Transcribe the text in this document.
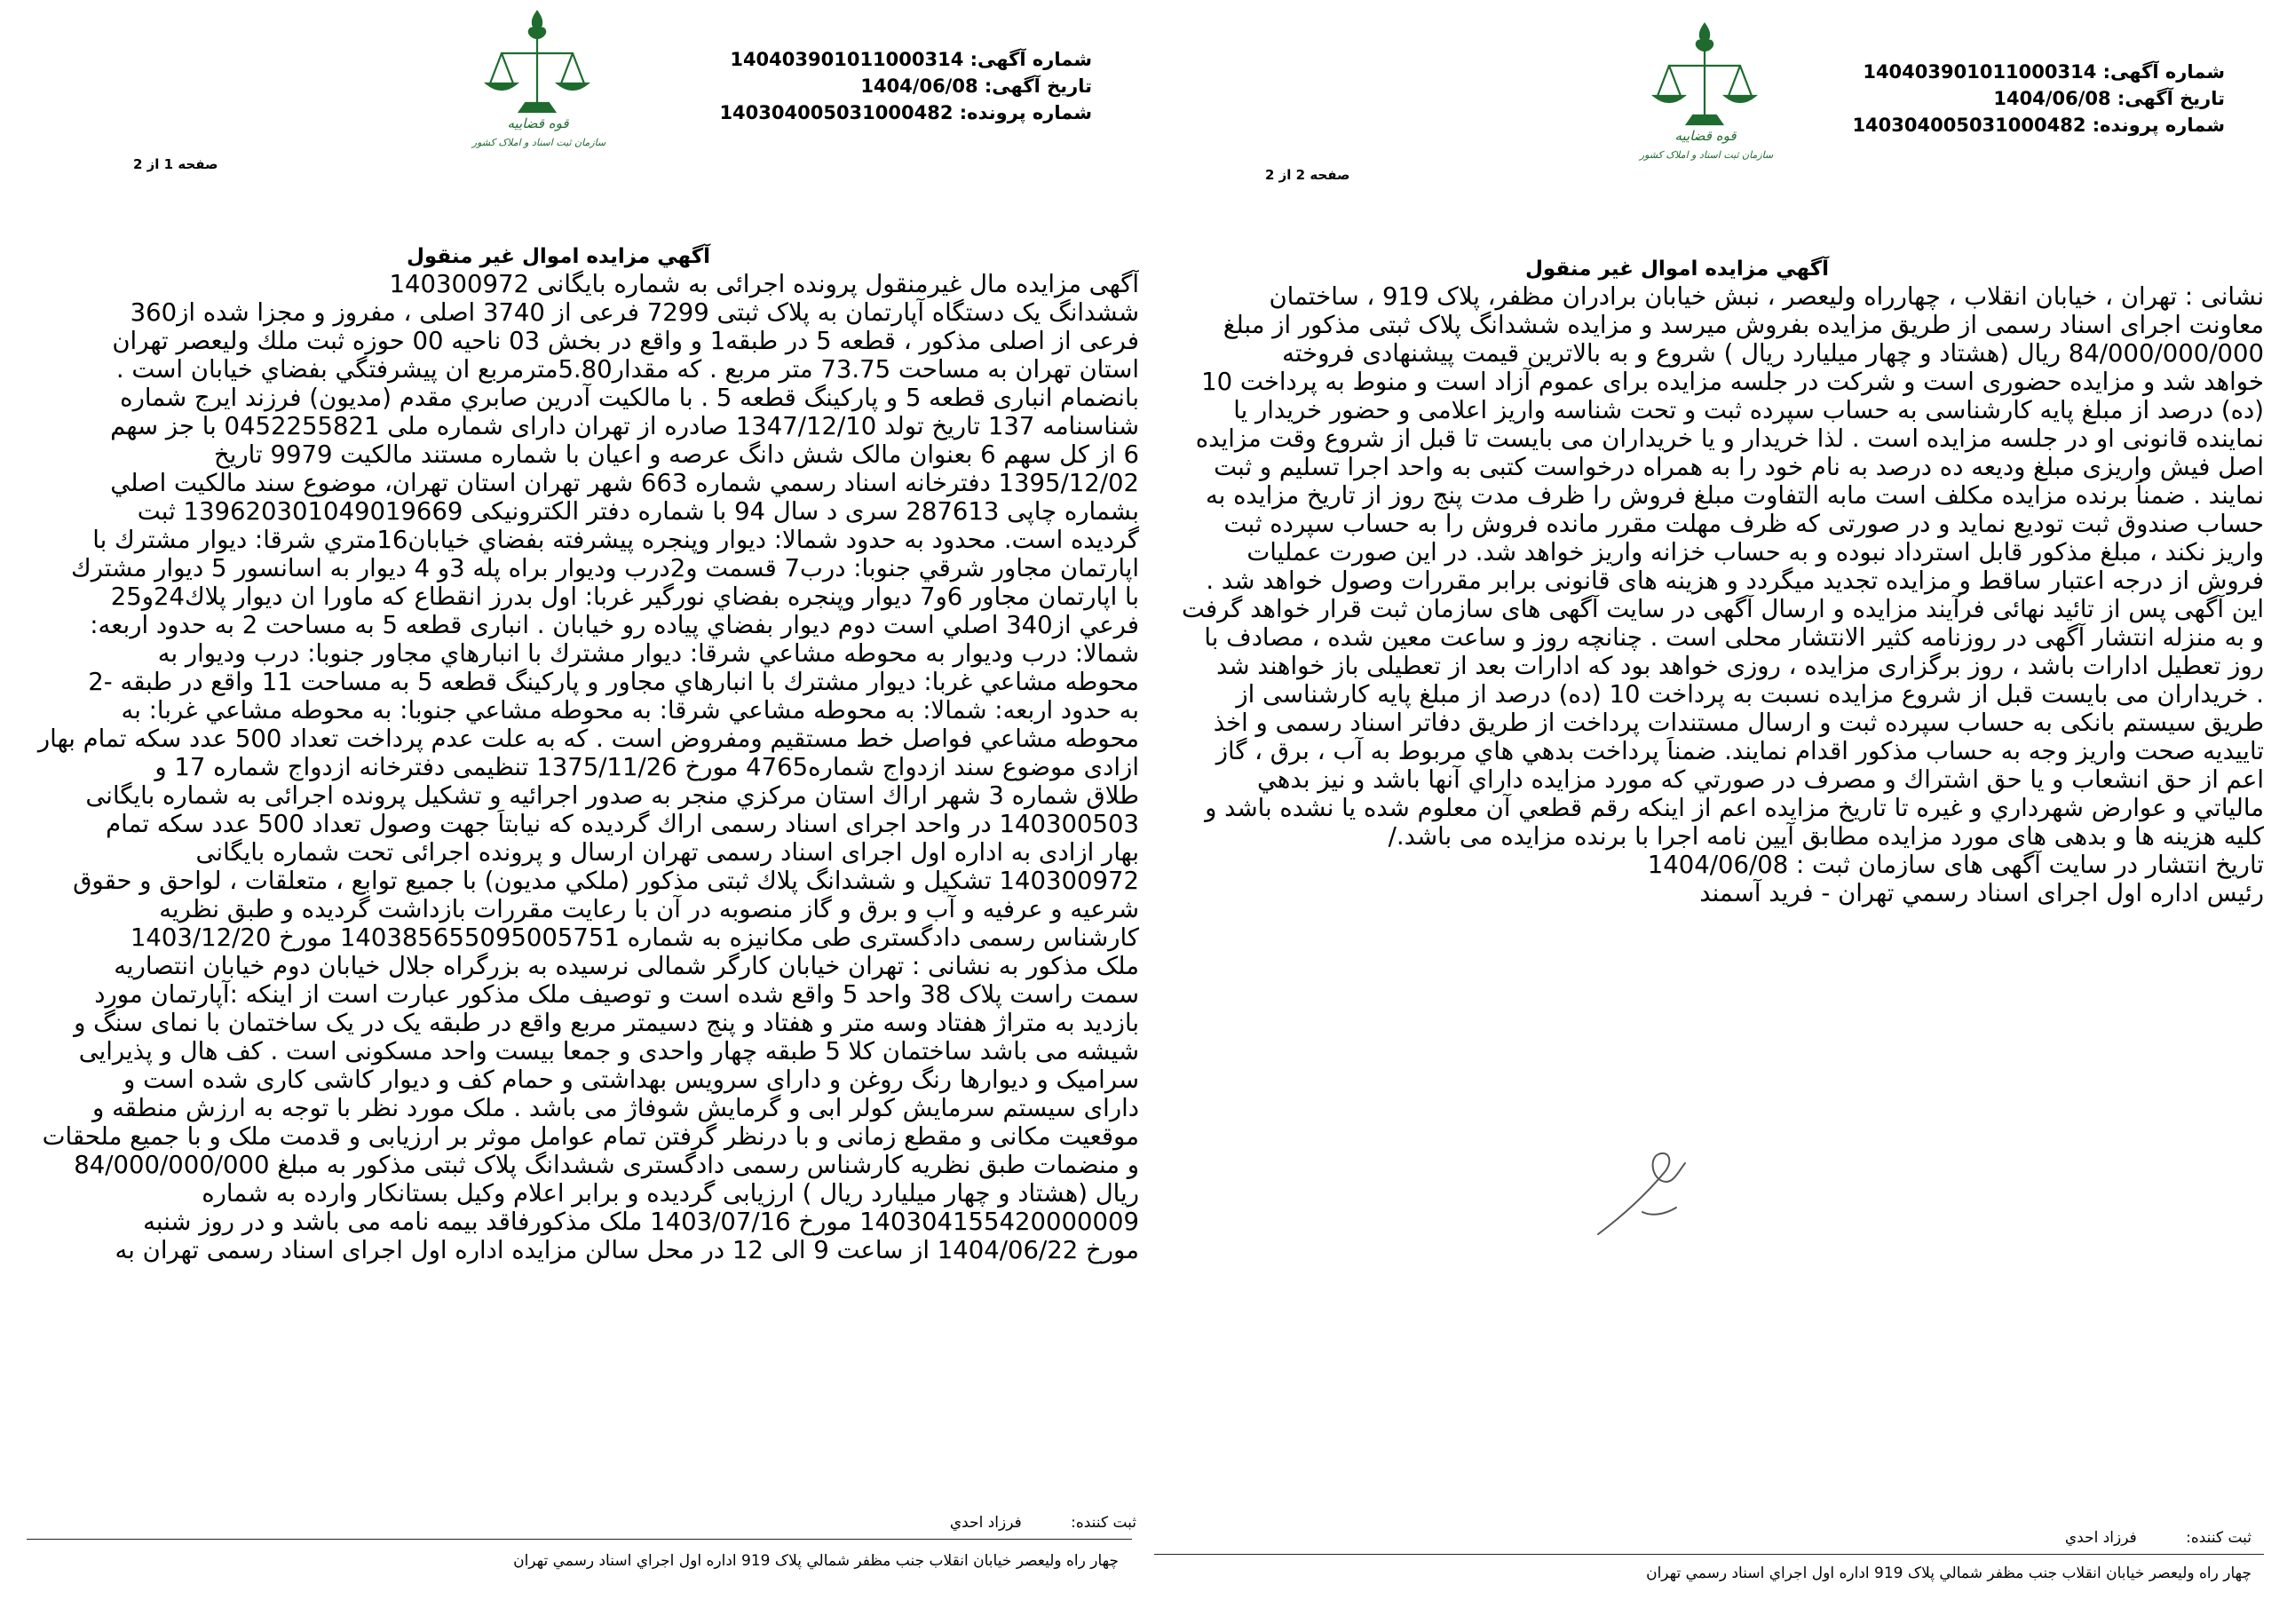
شماره آگهی: 140403901011000314
تاریخ آگهی: 1404/06/08
شماره پرونده: 140304005031000482
قوه قضاییه
سازمان ثبت اسناد و املاک کشور
صفحه 1 از 2
آگهي مزايده اموال غير منقول
آگهی مزایده مال غیرمنقول پرونده اجرائی به شماره بایگانی 140300972
ششدانگ یک دستگاه آپارتمان به پلاک ثبتی 7299 فرعی از 3740 اصلی ، مفروز و مجزا شده از360
فرعی از اصلی مذکور ، قطعه 5 در طبقه1 و واقع در بخش 03 ناحیه 00 حوزه ثبت ملك وليعصر تهران
استان تهران به مساحت 73.75 متر مربع . كه مقدار5.80مترمربع ان پيشرفتگي بفضاي خيابان است .
بانضمام انباری قطعه 5 و پارکینگ قطعه 5 . با مالکیت آدرين صابري مقدم (مديون) فرزند ايرج شماره
شناسنامه 137 تاریخ تولد 1347/12/10 صادره از تهران دارای شماره ملی 0452255821 با جز سهم
6 از کل سهم 6 بعنوان مالک شش دانگ عرصه و اعیان با شماره مستند مالکیت 9979 تاریخ
1395/12/02 دفترخانه اسناد رسمي شماره 663 شهر تهران استان تهران، موضوع سند مالکیت اصلي
بشماره چاپی 287613 سری د سال 94 با شماره دفتر الکترونیکی 139620301049019669 ثبت
گرديده است. محدود به حدود شمالا: ديوار وپنجره پيشرفته بفضاي خيابان16متري شرقا: ديوار مشترك با
اپارتمان مجاور شرقي جنوبا: درب7 قسمت و2درب وديوار براه پله 3و 4 ديوار به اسانسور 5 ديوار مشترك
با اپارتمان مجاور 6و7 ديوار وپنجره بفضاي نورگير غربا: اول بدرز انقطاع كه ماورا ان ديوار پلاك24و25
فرعي از340 اصلي است دوم ديوار بفضاي پياده رو خيابان . انباری قطعه 5 به مساحت 2 به حدود اربعه:
شمالا: درب وديوار به محوطه مشاعي شرقا: ديوار مشترك با انبارهاي مجاور جنوبا: درب وديوار به
محوطه مشاعي غربا: ديوار مشترك با انبارهاي مجاور و پارکینگ قطعه 5 به مساحت 11 واقع در طبقه -2
به حدود اربعه: شمالا: به محوطه مشاعي شرقا: به محوطه مشاعي جنوبا: به محوطه مشاعي غربا: به
محوطه مشاعي فواصل خط مستقيم ومفروض است . که به علت عدم پرداخت تعداد 500 عدد سکه تمام بهار
ازادی موضوع سند ازدواج شماره4765 مورخ 1375/11/26 تنظیمی دفترخانه ازدواج شماره 17 و
طلاق شماره 3 شهر اراك استان مرکزي منجر به صدور اجرائیه و تشکیل پرونده اجرائی به شماره بایگانی
140300503 در واحد اجرای اسناد رسمی اراك گردیده که نیابتاً جهت وصول تعداد 500 عدد سکه تمام
بهار ازادی به اداره اول اجرای اسناد رسمی تهران ارسال و پرونده اجرائی تحت شماره بایگانی
140300972 تشکیل و ششدانگ پلاك ثبتی مذکور (ملكي مديون) با جمیع توابع ، متعلقات ، لواحق و حقوق
شرعیه و عرفیه و آب و برق و گاز منصوبه در آن با رعایت مقررات بازداشت گردیده و طبق نظریه
کارشناس رسمی دادگستری طی مکانیزه به شماره 140385655095005751 مورخ 1403/12/20
ملک مذکور به نشانی : تهران خیابان کارگر شمالی نرسیده به بزرگراه جلال خیابان دوم خیابان انتصاریه
سمت راست پلاک 38 واحد 5 واقع شده است و توصیف ملک مذکور عبارت است از اینکه :آپارتمان مورد
بازدید به متراژ هفتاد وسه متر و هفتاد و پنج دسیمتر مربع واقع در طبقه یک در یک ساختمان با نمای سنگ و
شیشه می باشد ساختمان کلا 5 طبقه چهار واحدی و جمعا بیست واحد مسکونی است . کف هال و پذیرایی
سرامیک و دیوارها رنگ روغن و دارای سرویس بهداشتی و حمام کف و دیوار کاشی کاری شده است و
دارای سیستم سرمایش کولر ابی و گرمایش شوفاژ می باشد . ملک مورد نظر با توجه به ارزش منطقه و
موقعیت مکانی و مقطع زمانی و با درنظر گرفتن تمام عوامل موثر بر ارزیابی و قدمت ملک و با جمیع ملحقات
و منضمات طبق نظریه کارشناس رسمی دادگستری ششدانگ پلاک ثبتی مذکور به مبلغ 84/000/000/000
ریال (هشتاد و چهار میلیارد ریال ) ارزیابی گردیده و برابر اعلام وکیل بستانکار وارده به شماره
140304155420000009 مورخ 1403/07/16 ملک مذکورفاقد بیمه نامه می باشد و در روز شنبه
مورخ 1404/06/22 از ساعت 9 الی 12 در محل سالن مزایده اداره اول اجرای اسناد رسمی تهران به
ثبت کننده: فرزاد احدي
چهار راه وليعصر خيابان انقلاب جنب مظفر شمالي پلاک 919 اداره اول اجراي اسناد رسمي تهران
شماره آگهی: 140403901011000314
تاریخ آگهی: 1404/06/08
شماره پرونده: 140304005031000482
قوه قضاییه
سازمان ثبت اسناد و املاک کشور
صفحه 2 از 2
آگهي مزايده اموال غير منقول
نشانی : تهران ، خیابان انقلاب ، چهارراه ولیعصر ، نبش خیابان برادران مظفر، پلاک 919 ، ساختمان
معاونت اجرای اسناد رسمی از طریق مزایده بفروش میرسد و مزایده ششدانگ پلاک ثبتی مذکور از مبلغ
84/000/000/000 ریال (هشتاد و چهار میلیارد ریال ) شروع و به بالاترین قیمت پیشنهادی فروخته
خواهد شد و مزایده حضوری است و شرکت در جلسه مزایده برای عموم آزاد است و منوط به پرداخت 10
(ده) درصد از مبلغ پایه کارشناسی به حساب سپرده ثبت و تحت شناسه واریز اعلامی و حضور خریدار یا
نماینده قانونی او در جلسه مزایده است . لذا خریدار و یا خریداران می بایست تا قبل از شروع وقت مزایده
اصل فیش واریزی مبلغ ودیعه ده درصد به نام خود را به همراه درخواست کتبی به واحد اجرا تسلیم و ثبت
نمایند . ضمناً برنده مزایده مکلف است مابه التفاوت مبلغ فروش را ظرف مدت پنج روز از تاریخ مزایده به
حساب صندوق ثبت تودیع نماید و در صورتی که ظرف مهلت مقرر مانده فروش را به حساب سپرده ثبت
واریز نکند ، مبلغ مذکور قابل استرداد نبوده و به حساب خزانه واریز خواهد شد. در این صورت عملیات
فروش از درجه اعتبار ساقط و مزایده تجدید میگردد و هزینه های قانونی برابر مقررات وصول خواهد شد .
این آگهی پس از تائید نهائی فرآیند مزایده و ارسال آگهی در سایت آگهی های سازمان ثبت قرار خواهد گرفت
و به منزله انتشار آگهی در روزنامه کثیر الانتشار محلی است . چنانچه روز و ساعت معین شده ، مصادف با
روز تعطیل ادارات باشد ، روز برگزاری مزایده ، روزی خواهد بود که ادارات بعد از تعطیلی باز خواهند شد
. خریداران می بایست قبل از شروع مزایده نسبت به پرداخت 10 (ده) درصد از مبلغ پایه کارشناسی از
طریق سیستم بانکی به حساب سپرده ثبت و ارسال مستندات پرداخت از طریق دفاتر اسناد رسمی و اخذ
تاییدیه صحت واریز وجه به حساب مذکور اقدام نمایند. ضمناً پرداخت بدهي هاي مربوط به آب ، برق ، گاز
اعم از حق انشعاب و يا حق اشتراك و مصرف در صورتي كه مورد مزايده داراي آنها باشد و نيز بدهي
مالياتي و عوارض شهرداري و غيره تا تاريخ مزايده اعم از اينكه رقم قطعي آن معلوم شده يا نشده باشد و
کلیه هزینه ها و بدهی های مورد مزایده مطابق آیین نامه اجرا با برنده مزایده می باشد./
تاریخ انتشار در سایت آگهی های سازمان ثبت : 1404/06/08
رئیس اداره اول اجرای اسناد رسمي تهران - فرید آسمند
ثبت کننده: فرزاد احدي
چهار راه وليعصر خيابان انقلاب جنب مظفر شمالي پلاک 919 اداره اول اجراي اسناد رسمي تهران
